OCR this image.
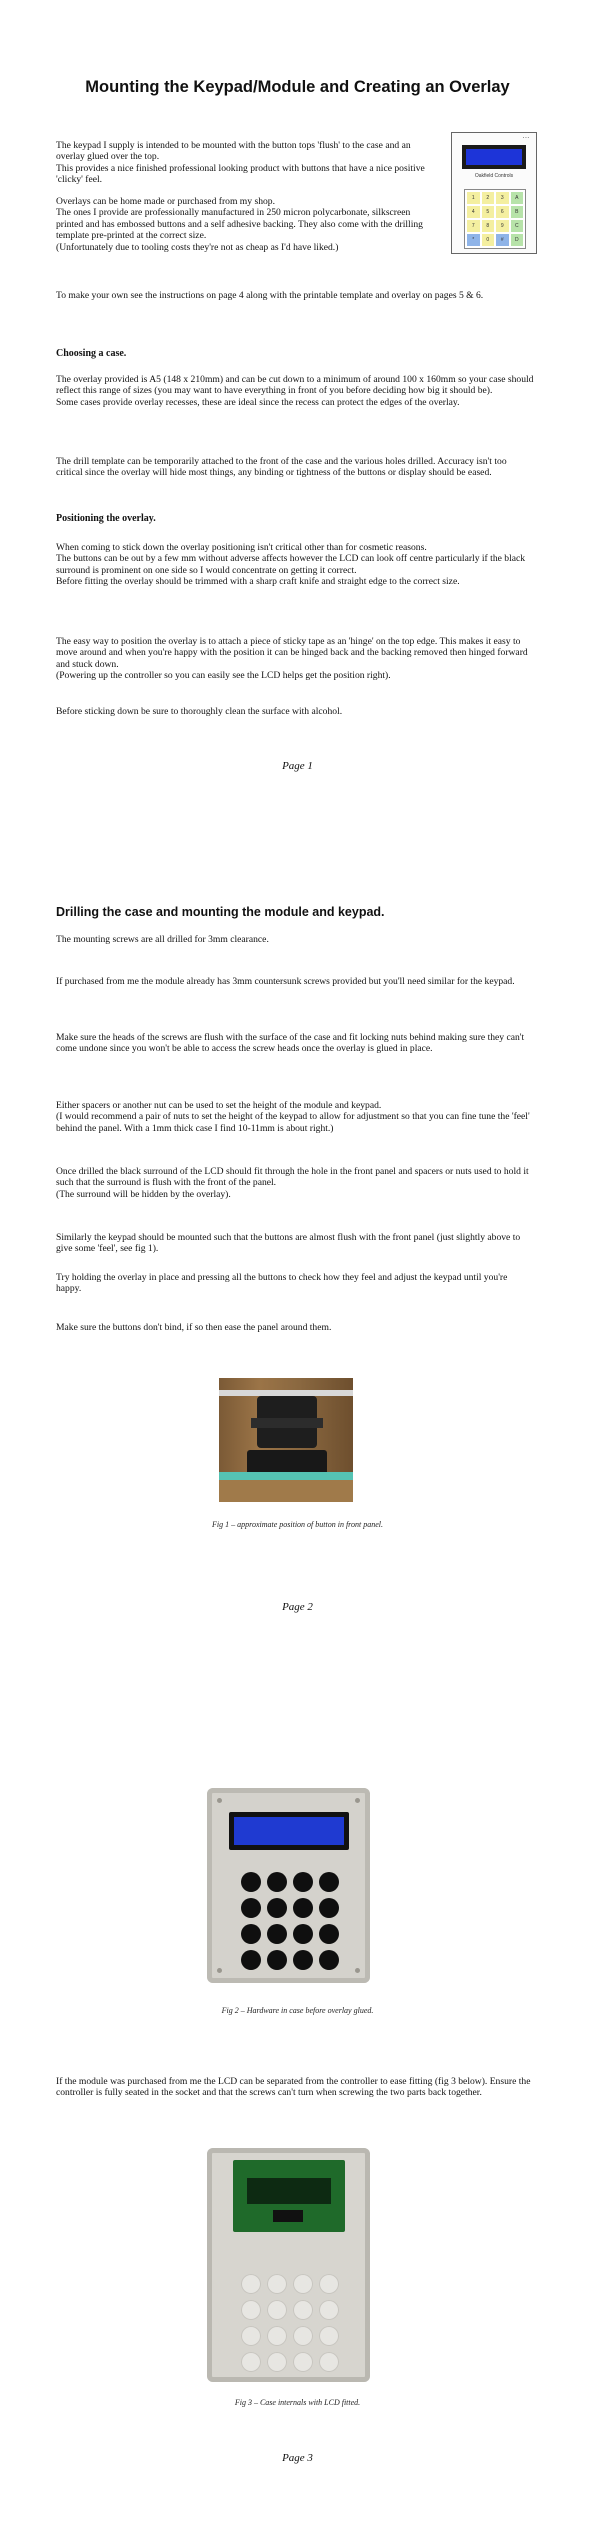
Mounting the Keypad/Module and Creating an Overlay

The keypad I supply is intended to be mounted with the button tops 'flush' to the case and an overlay glued over the top.

This provides a nice finished professional looking product with buttons that have a nice positive 'clicky' feel.

Overlays can be home made or purchased from my shop.

The ones I provide are professionally manufactured in 250 micron polycarbonate, silkscreen printed and has embossed buttons and a self adhesive backing. They also come with the drilling template pre-printed at the correct size.

(Unfortunately due to tooling costs they're not as cheap as I'd have liked.)

To make your own see the instructions on page 4 along with the printable template and overlay on pages 5 & 6.
•••
Oakfield Controls
1	2	3	A
4	5	6	B
7	8	9	C
*	0	#	D
Choosing a case.

The overlay provided is A5 (148 x 210mm) and can be cut down to a minimum of around 100 x 160mm so your case should reflect this range of sizes (you may want to have everything in front of you before deciding how big it should be).

Some cases provide overlay recesses, these are ideal since the recess can protect the edges of the overlay.

The drill template can be temporarily attached to the front of the case and the various holes drilled. Accuracy isn't too critical since the overlay will hide most things, any binding or tightness of the buttons or display should be eased.
Positioning the overlay.

When coming to stick down the overlay positioning isn't critical other than for cosmetic reasons.

The buttons can be out by a few mm without adverse affects however the LCD can look off centre particularly if the black surround is prominent on one side so I would concentrate on getting it correct.

Before fitting the overlay should be trimmed with a sharp craft knife and straight edge to the correct size.

The easy way to position the overlay is to attach a piece of sticky tape as an 'hinge' on the top edge. This makes it easy to move around and when you're happy with the position it can be hinged back and the backing removed then hinged forward and stuck down.

(Powering up the controller so you can easily see the LCD helps get the position right).

Before sticking down be sure to thoroughly clean the surface with alcohol.
Page 1
Drilling the case and mounting the module and keypad.
The mounting screws are all drilled for 3mm clearance.
If purchased from me the module already has 3mm countersunk screws provided but you'll need similar for the keypad.
Make sure the heads of the screws are flush with the surface of the case and fit locking nuts behind making sure they can't come undone since you won't be able to access the screw heads once the overlay is glued in place.

Either spacers or another nut can be used to set the height of the module and keypad.

(I would recommend a pair of nuts to set the height of the keypad to allow for adjustment so that you can fine tune the 'feel' behind the panel. With a 1mm thick case I find 10-11mm is about right.)

Once drilled the black surround of the LCD should fit through the hole in the front panel and spacers or nuts used to hold it such that the surround is flush with the front of the panel.

(The surround will be hidden by the overlay).

Similarly the keypad should be mounted such that the buttons are almost flush with the front panel (just slightly above to give some 'feel', see fig 1).
Try holding the overlay in place and pressing all the buttons to check how they feel and adjust the keypad until you're happy.
Make sure the buttons don't bind, if so then ease the panel around them.
Fig 1 – approximate position of button in front panel.
Page 2
Fig 2 – Hardware in case before overlay glued.
If the module was purchased from me the LCD can be separated from the controller to ease fitting (fig 3 below). Ensure the controller is fully seated in the socket and that the screws can't turn when screwing the two parts back together.
Fig 3 – Case internals with LCD fitted.
Page 3
